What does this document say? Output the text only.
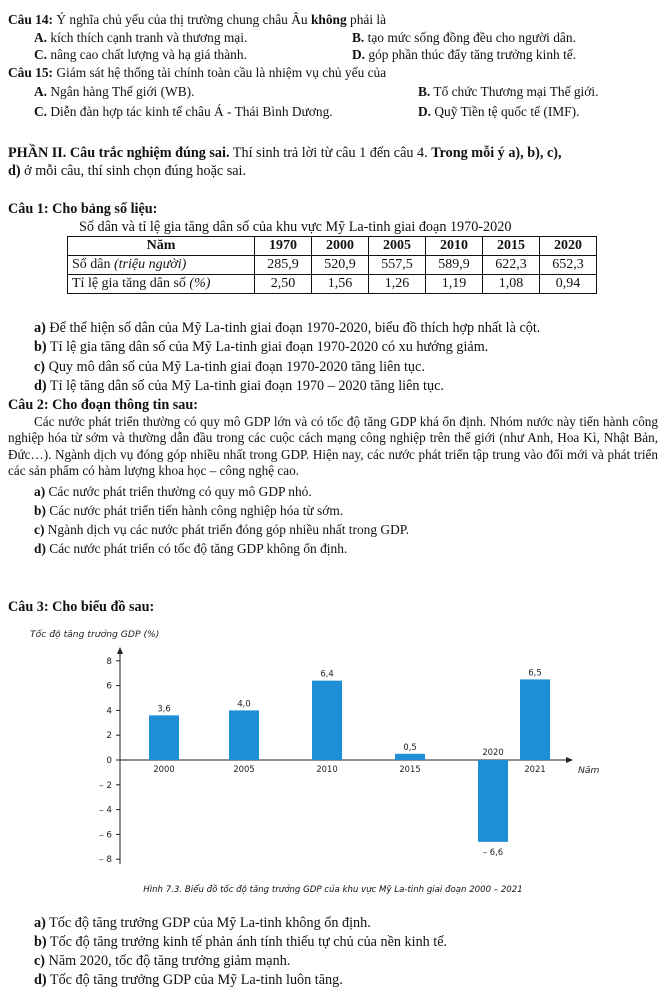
Câu 14: Ý nghĩa chủ yếu của thị trường chung châu Âu không phải là
A. kích thích cạnh tranh và thương mại.	B. tạo mức sống đồng đều cho người dân.
C. nâng cao chất lượng và hạ giá thành.	D. góp phần thúc đẩy tăng trưởng kinh tế.
Câu 15: Giám sát hệ thống tài chính toàn cầu là nhiệm vụ chủ yếu của
A. Ngân hàng Thế giới (WB).	B. Tổ chức Thương mại Thế giới.
C. Diễn đàn hợp tác kinh tế châu Á - Thái Bình Dương.	D. Quỹ Tiền tệ quốc tế (IMF).
PHẦN II. Câu trắc nghiệm đúng sai. Thí sinh trả lời từ câu 1 đến câu 4. Trong mỗi ý a), b), c),
d) ở mỗi câu, thí sinh chọn đúng hoặc sai.
Câu 1: Cho bảng số liệu:
Số dân và tỉ lệ gia tăng dân số của khu vực Mỹ La-tinh giai đoạn 1970-2020
Năm	1970	2000	2005	2010	2015	2020
Số dân (triệu người)	285,9	520,9	557,5	589,9	622,3	652,3
Tỉ lệ gia tăng dân số (%)	2,50	1,56	1,26	1,19	1,08	0,94
a) Để thể hiện số dân của Mỹ La-tinh giai đoạn 1970-2020, biểu đồ thích hợp nhất là cột.
b) Tỉ lệ gia tăng dân số của Mỹ La-tinh giai đoạn 1970-2020 có xu hướng giảm.
c) Quy mô dân số của Mỹ La-tinh giai đoạn 1970-2020 tăng liên tục.
d) Tỉ lệ tăng dân số của Mỹ La-tinh giai đoạn 1970 – 2020 tăng liên tục.
Câu 2: Cho đoạn thông tin sau:
Các nước phát triển thường có quy mô GDP lớn và có tốc độ tăng GDP khá ổn định. Nhóm nước này tiến hành công nghiệp hóa từ sớm và thường dẫn đầu trong các cuộc cách mạng công nghiệp trên thế giới (như Anh, Hoa Kì, Nhật Bản, Đức…). Ngành dịch vụ đóng góp nhiều nhất trong GDP. Hiện nay, các nước phát triển tập trung vào đổi mới và phát triển các sản phẩm có hàm lượng khoa học – công nghệ cao.
a) Các nước phát triển thường có quy mô GDP nhỏ.
b) Các nước phát triển tiến hành công nghiệp hóa từ sớm.
c) Ngành dịch vụ các nước phát triển đóng góp nhiều nhất trong GDP.
d) Các nước phát triển có tốc độ tăng GDP không ổn định.
Câu 3: Cho biểu đồ sau:
Tốc độ tăng trưởng GDP (%)
8
6
4
2
0
– 2
– 4
– 6
– 8
Năm
3,6
2000
4,0
2005
6,4
2010
0,5
2015
– 6,6
2020
6,5
2021
Hình 7.3. Biểu đồ tốc độ tăng trưởng GDP của khu vực Mỹ La-tinh giai đoạn 2000 – 2021
a) Tốc độ tăng trưởng GDP của Mỹ La-tinh không ổn định.
b) Tốc độ tăng trưởng kinh tế phản ánh tính thiếu tự chủ của nền kinh tế.
c) Năm 2020, tốc độ tăng trưởng giảm mạnh.
d) Tốc độ tăng trưởng GDP của Mỹ La-tinh luôn tăng.
